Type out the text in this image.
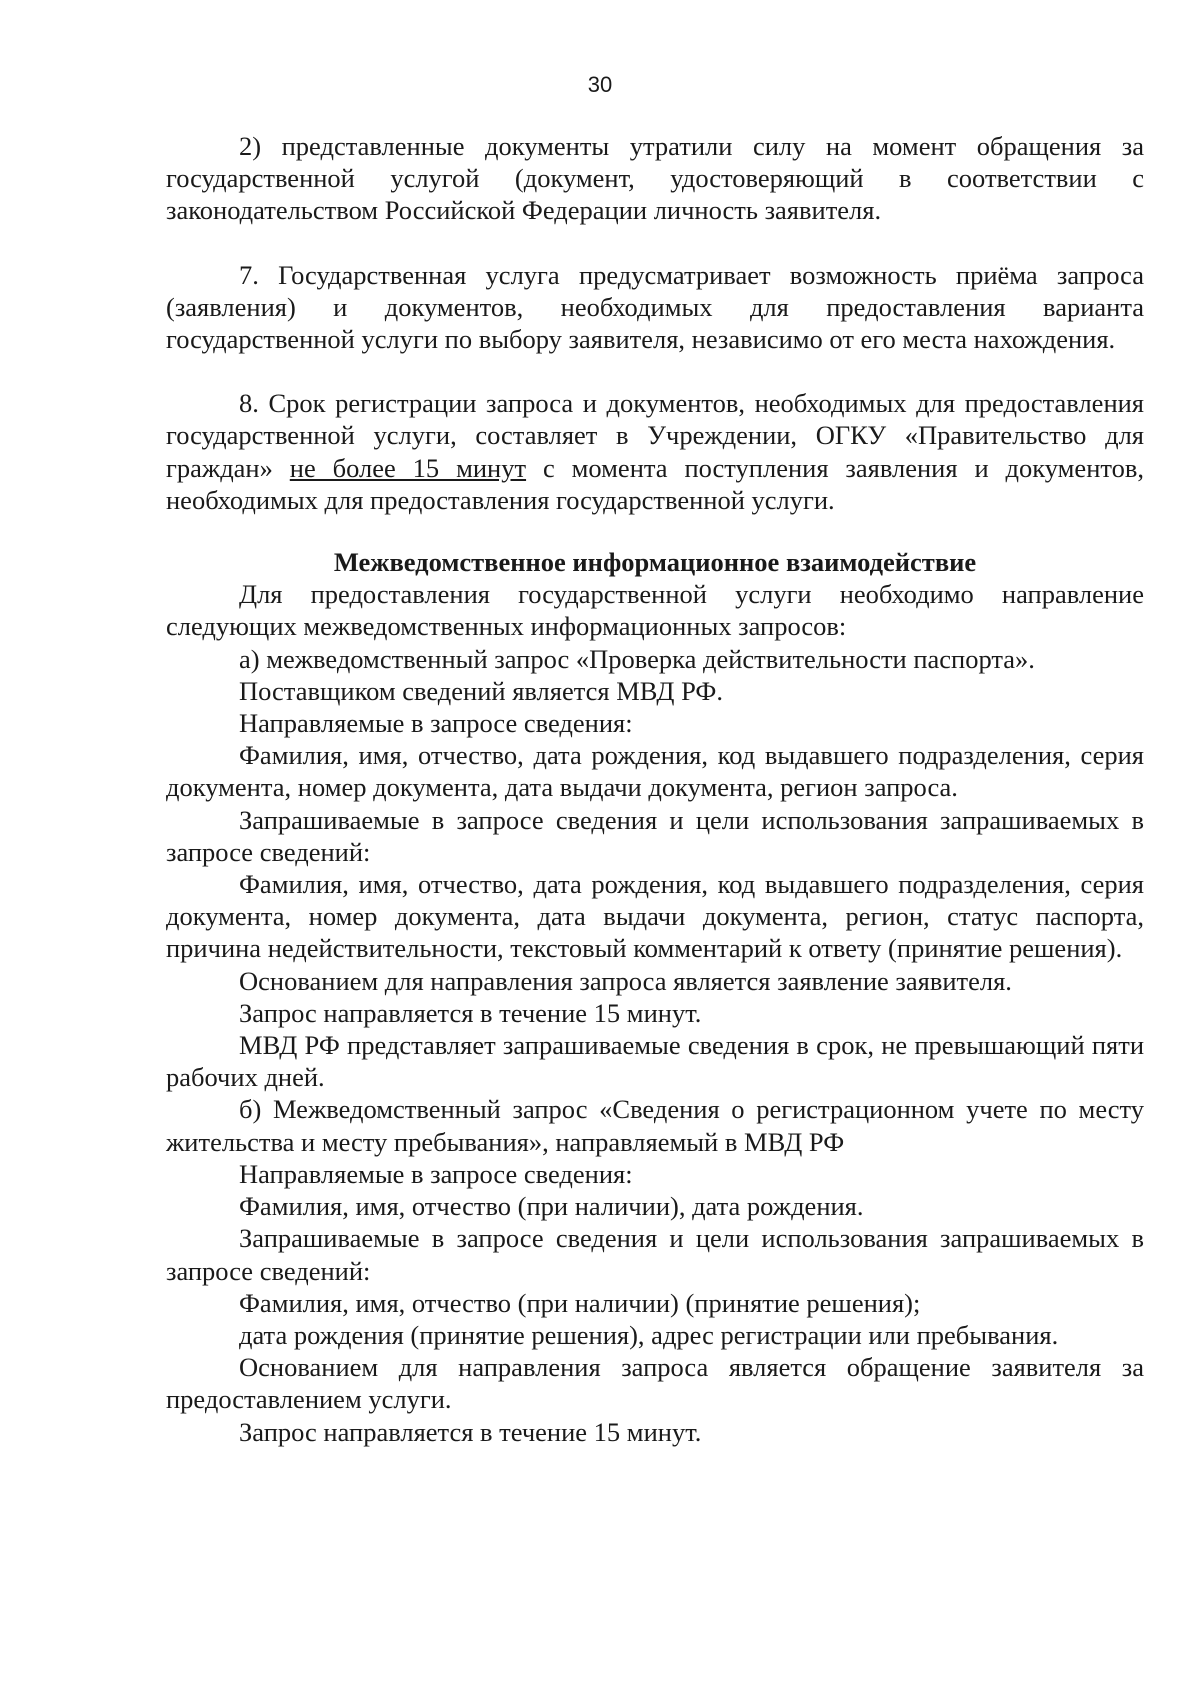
30

2) представленные документы утратили силу на момент обращения за государственной услугой (документ, удостоверяющий в соответствии с законодательством Российской Федерации личность заявителя.

7. Государственная услуга предусматривает возможность приёма запроса (заявления) и документов, необходимых для предоставления варианта государственной услуги по выбору заявителя, независимо от его места нахождения.

8. Срок регистрации запроса и документов, необходимых для предоставления государственной услуги, составляет в Учреждении, ОГКУ «Правительство для граждан» не более 15 минут с момента поступления заявления и документов, необходимых для предоставления государственной услуги.

Межведомственное информационное взаимодействие

Для предоставления государственной услуги необходимо направление следующих межведомственных информационных запросов:

а) межведомственный запрос «Проверка действительности паспорта».

Поставщиком сведений является МВД РФ.

Направляемые в запросе сведения:

Фамилия, имя, отчество, дата рождения, код выдавшего подразделения, серия документа, номер документа, дата выдачи документа, регион запроса.

Запрашиваемые в запросе сведения и цели использования запрашиваемых в запросе сведений:

Фамилия, имя, отчество, дата рождения, код выдавшего подразделения, серия документа, номер документа, дата выдачи документа, регион, статус паспорта, причина недействительности, текстовый комментарий к ответу (принятие решения).

Основанием для направления запроса является заявление заявителя.

Запрос направляется в течение 15 минут.

МВД РФ представляет запрашиваемые сведения в срок, не превышающий пяти рабочих дней.

б) Межведомственный запрос «Сведения о регистрационном учете по месту жительства и месту пребывания», направляемый в МВД РФ

Направляемые в запросе сведения:

Фамилия, имя, отчество (при наличии), дата рождения.

Запрашиваемые в запросе сведения и цели использования запрашиваемых в запросе сведений:

Фамилия, имя, отчество (при наличии) (принятие решения);

дата рождения (принятие решения), адрес регистрации или пребывания.

Основанием для направления запроса является обращение заявителя за предоставлением услуги.

Запрос направляется в течение 15 минут.
